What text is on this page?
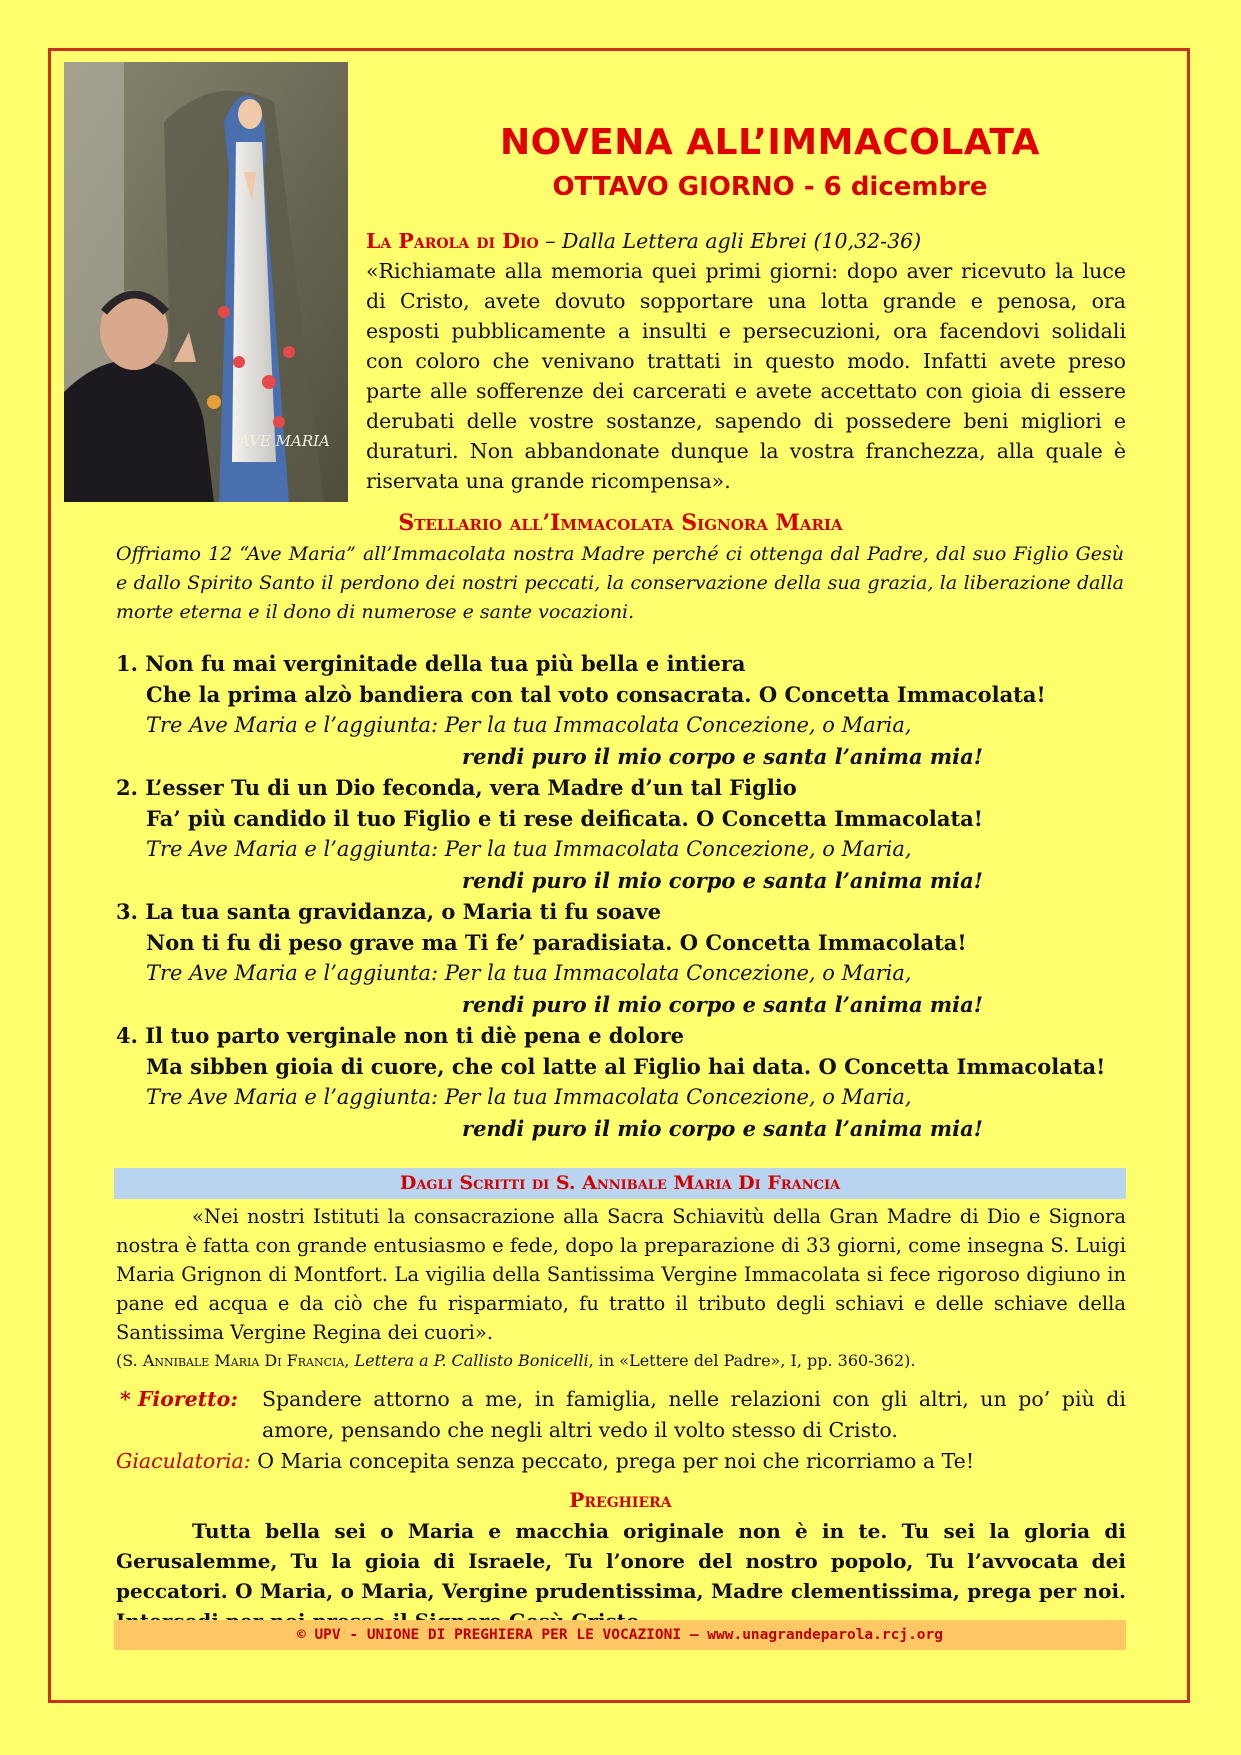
AVE MARIA
NOVENA ALL’IMMACOLATA
OTTAVO GIORNO - 6 dicembre
La Parola di Dio – Dalla Lettera agli Ebrei (10,32-36)
«Richiamate alla memoria quei primi giorni: dopo aver ricevuto la luce di Cristo, avete dovuto sopportare una lotta grande e penosa, ora esposti pubblicamente a insulti e persecuzioni, ora facendovi solidali con coloro che venivano trattati in questo modo. Infatti avete preso parte alle sofferenze dei carcerati e avete accettato con gioia di essere derubati delle vostre sostanze, sapendo di possedere beni migliori e duraturi. Non abbandonate dunque la vostra franchezza, alla quale è riservata una grande ricompensa».
Stellario all’Immacolata Signora Maria
Offriamo 12 “Ave Maria” all’Immacolata nostra Madre perché ci ottenga dal Padre, dal suo Figlio Gesù e dallo Spirito Santo il perdono dei nostri peccati, la conservazione della sua grazia, la liberazione dalla morte eterna e il dono di numerose e sante vocazioni.
1. Non fu mai verginitade della tua più bella e intiera
Che la prima alzò bandiera con tal voto consacrata. O Concetta Immacolata!
Tre Ave Maria e l’aggiunta: Per la tua Immacolata Concezione, o Maria,
rendi puro il mio corpo e santa l’anima mia!
2. L’esser Tu di un Dio feconda, vera Madre d’un tal Figlio
Fa’ più candido il tuo Figlio e ti rese deificata. O Concetta Immacolata!
Tre Ave Maria e l’aggiunta: Per la tua Immacolata Concezione, o Maria,
rendi puro il mio corpo e santa l’anima mia!
3. La tua santa gravidanza, o Maria ti fu soave
Non ti fu di peso grave ma Ti fe’ paradisiata. O Concetta Immacolata!
Tre Ave Maria e l’aggiunta: Per la tua Immacolata Concezione, o Maria,
rendi puro il mio corpo e santa l’anima mia!
4. Il tuo parto verginale non ti diè pena e dolore
Ma sibben gioia di cuore, che col latte al Figlio hai data. O Concetta Immacolata!
Tre Ave Maria e l’aggiunta: Per la tua Immacolata Concezione, o Maria,
rendi puro il mio corpo e santa l’anima mia!
Dagli Scritti di S. Annibale Maria Di Francia
«Nei nostri Istituti la consacrazione alla Sacra Schiavitù della Gran Madre di Dio e Signora nostra è fatta con grande entusiasmo e fede, dopo la preparazione di 33 giorni, come insegna S. Luigi Maria Grignon di Montfort. La vigilia della Santissima Vergine Immacolata si fece rigoroso digiuno in pane ed acqua e da ciò che fu risparmiato, fu tratto il tributo degli schiavi e delle schiave della Santissima Vergine Regina dei cuori».
(S. Annibale Maria Di Francia, Lettera a P. Callisto Bonicelli, in «Lettere del Padre», I, pp. 360-362).
* Fioretto: Spandere attorno a me, in famiglia, nelle relazioni con gli altri, un po’ più di amore, pensando che negli altri vedo il volto stesso di Cristo.
Giaculatoria: O Maria concepita senza peccato, prega per noi che ricorriamo a Te!
Preghiera
Tutta bella sei o Maria e macchia originale non è in te. Tu sei la gloria di Gerusalemme, Tu la gioia di Israele, Tu l’onore del nostro popolo, Tu l’avvocata dei peccatori. O Maria, o Maria, Vergine prudentissima, Madre clementissima, prega per noi.
© UPV - UNIONE DI PREGHIERA PER LE VOCAZIONI – www.unagrandeparola.rcj.org
